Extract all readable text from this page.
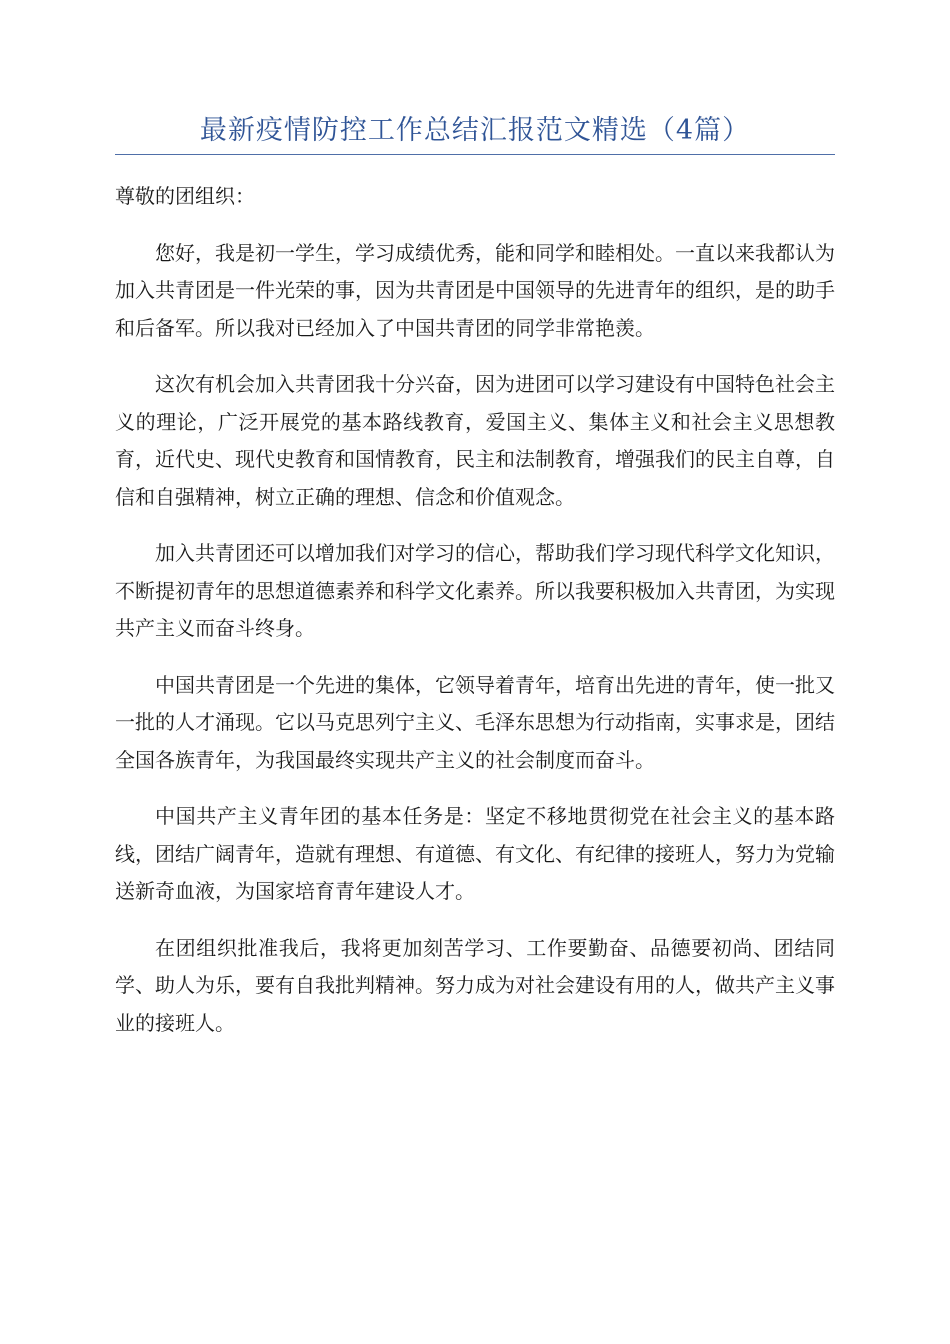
最新疫情防控工作总结汇报范文精选（4篇）

尊敬的团组织：

您好，我是初一学生，学习成绩优秀，能和同学和睦相处。一直以来我都认为加入共青团是一件光荣的事，因为共青团是中国领导的先进青年的组织，是的助手和后备军。所以我对已经加入了中国共青团的同学非常艳羡。

这次有机会加入共青团我十分兴奋，因为进团可以学习建设有中国特色社会主义的理论，广泛开展党的基本路线教育，爱国主义、集体主义和社会主义思想教育，近代史、现代史教育和国情教育，民主和法制教育，增强我们的民主自尊，自信和自强精神，树立正确的理想、信念和价值观念。

加入共青团还可以增加我们对学习的信心，帮助我们学习现代科学文化知识，不断提初青年的思想道德素养和科学文化素养。所以我要积极加入共青团，为实现共产主义而奋斗终身。

中国共青团是一个先进的集体，它领导着青年，培育出先进的青年，使一批又一批的人才涌现。它以马克思列宁主义、毛泽东思想为行动指南，实事求是，团结全国各族青年，为我国最终实现共产主义的社会制度而奋斗。

中国共产主义青年团的基本任务是：坚定不移地贯彻党在社会主义的基本路线，团结广阔青年，造就有理想、有道德、有文化、有纪律的接班人，努力为党输送新奇血液，为国家培育青年建设人才。

在团组织批准我后，我将更加刻苦学习、工作要勤奋、品德要初尚、团结同学、助人为乐，要有自我批判精神。努力成为对社会建设有用的人，做共产主义事业的接班人。
